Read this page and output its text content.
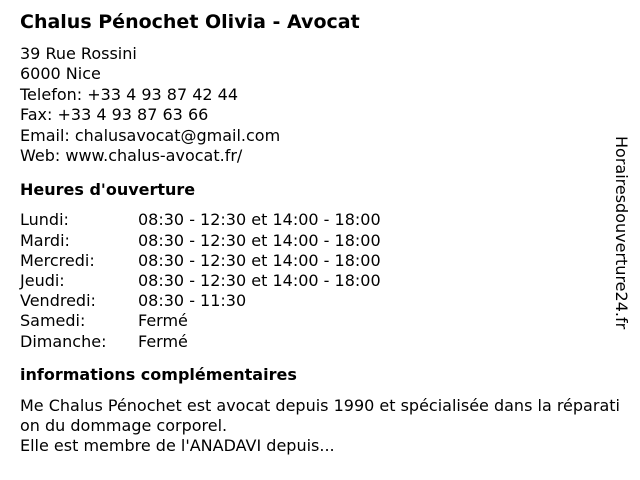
Chalus Pénochet Olivia - Avocat
39 Rue Rossini
6000 Nice
Telefon: +33 4 93 87 42 44
Fax: +33 4 93 87 63 66
Email: chalusavocat@gmail.com
Web: www.chalus-avocat.fr/
Heures d'ouverture
Lundi:	08:30 - 12:30 et 14:00 - 18:00
Mardi:	08:30 - 12:30 et 14:00 - 18:00
Mercredi:	08:30 - 12:30 et 14:00 - 18:00
Jeudi:	08:30 - 12:30 et 14:00 - 18:00
Vendredi:	08:30 - 11:30
Samedi:	Fermé
Dimanche:	Fermé
informations complémentaires
Me Chalus Pénochet est avocat depuis 1990 et spécialisée dans la réparation du dommage corporel.
Elle est membre de l'ANADAVI depuis...
Horairesdouverture24.fr
